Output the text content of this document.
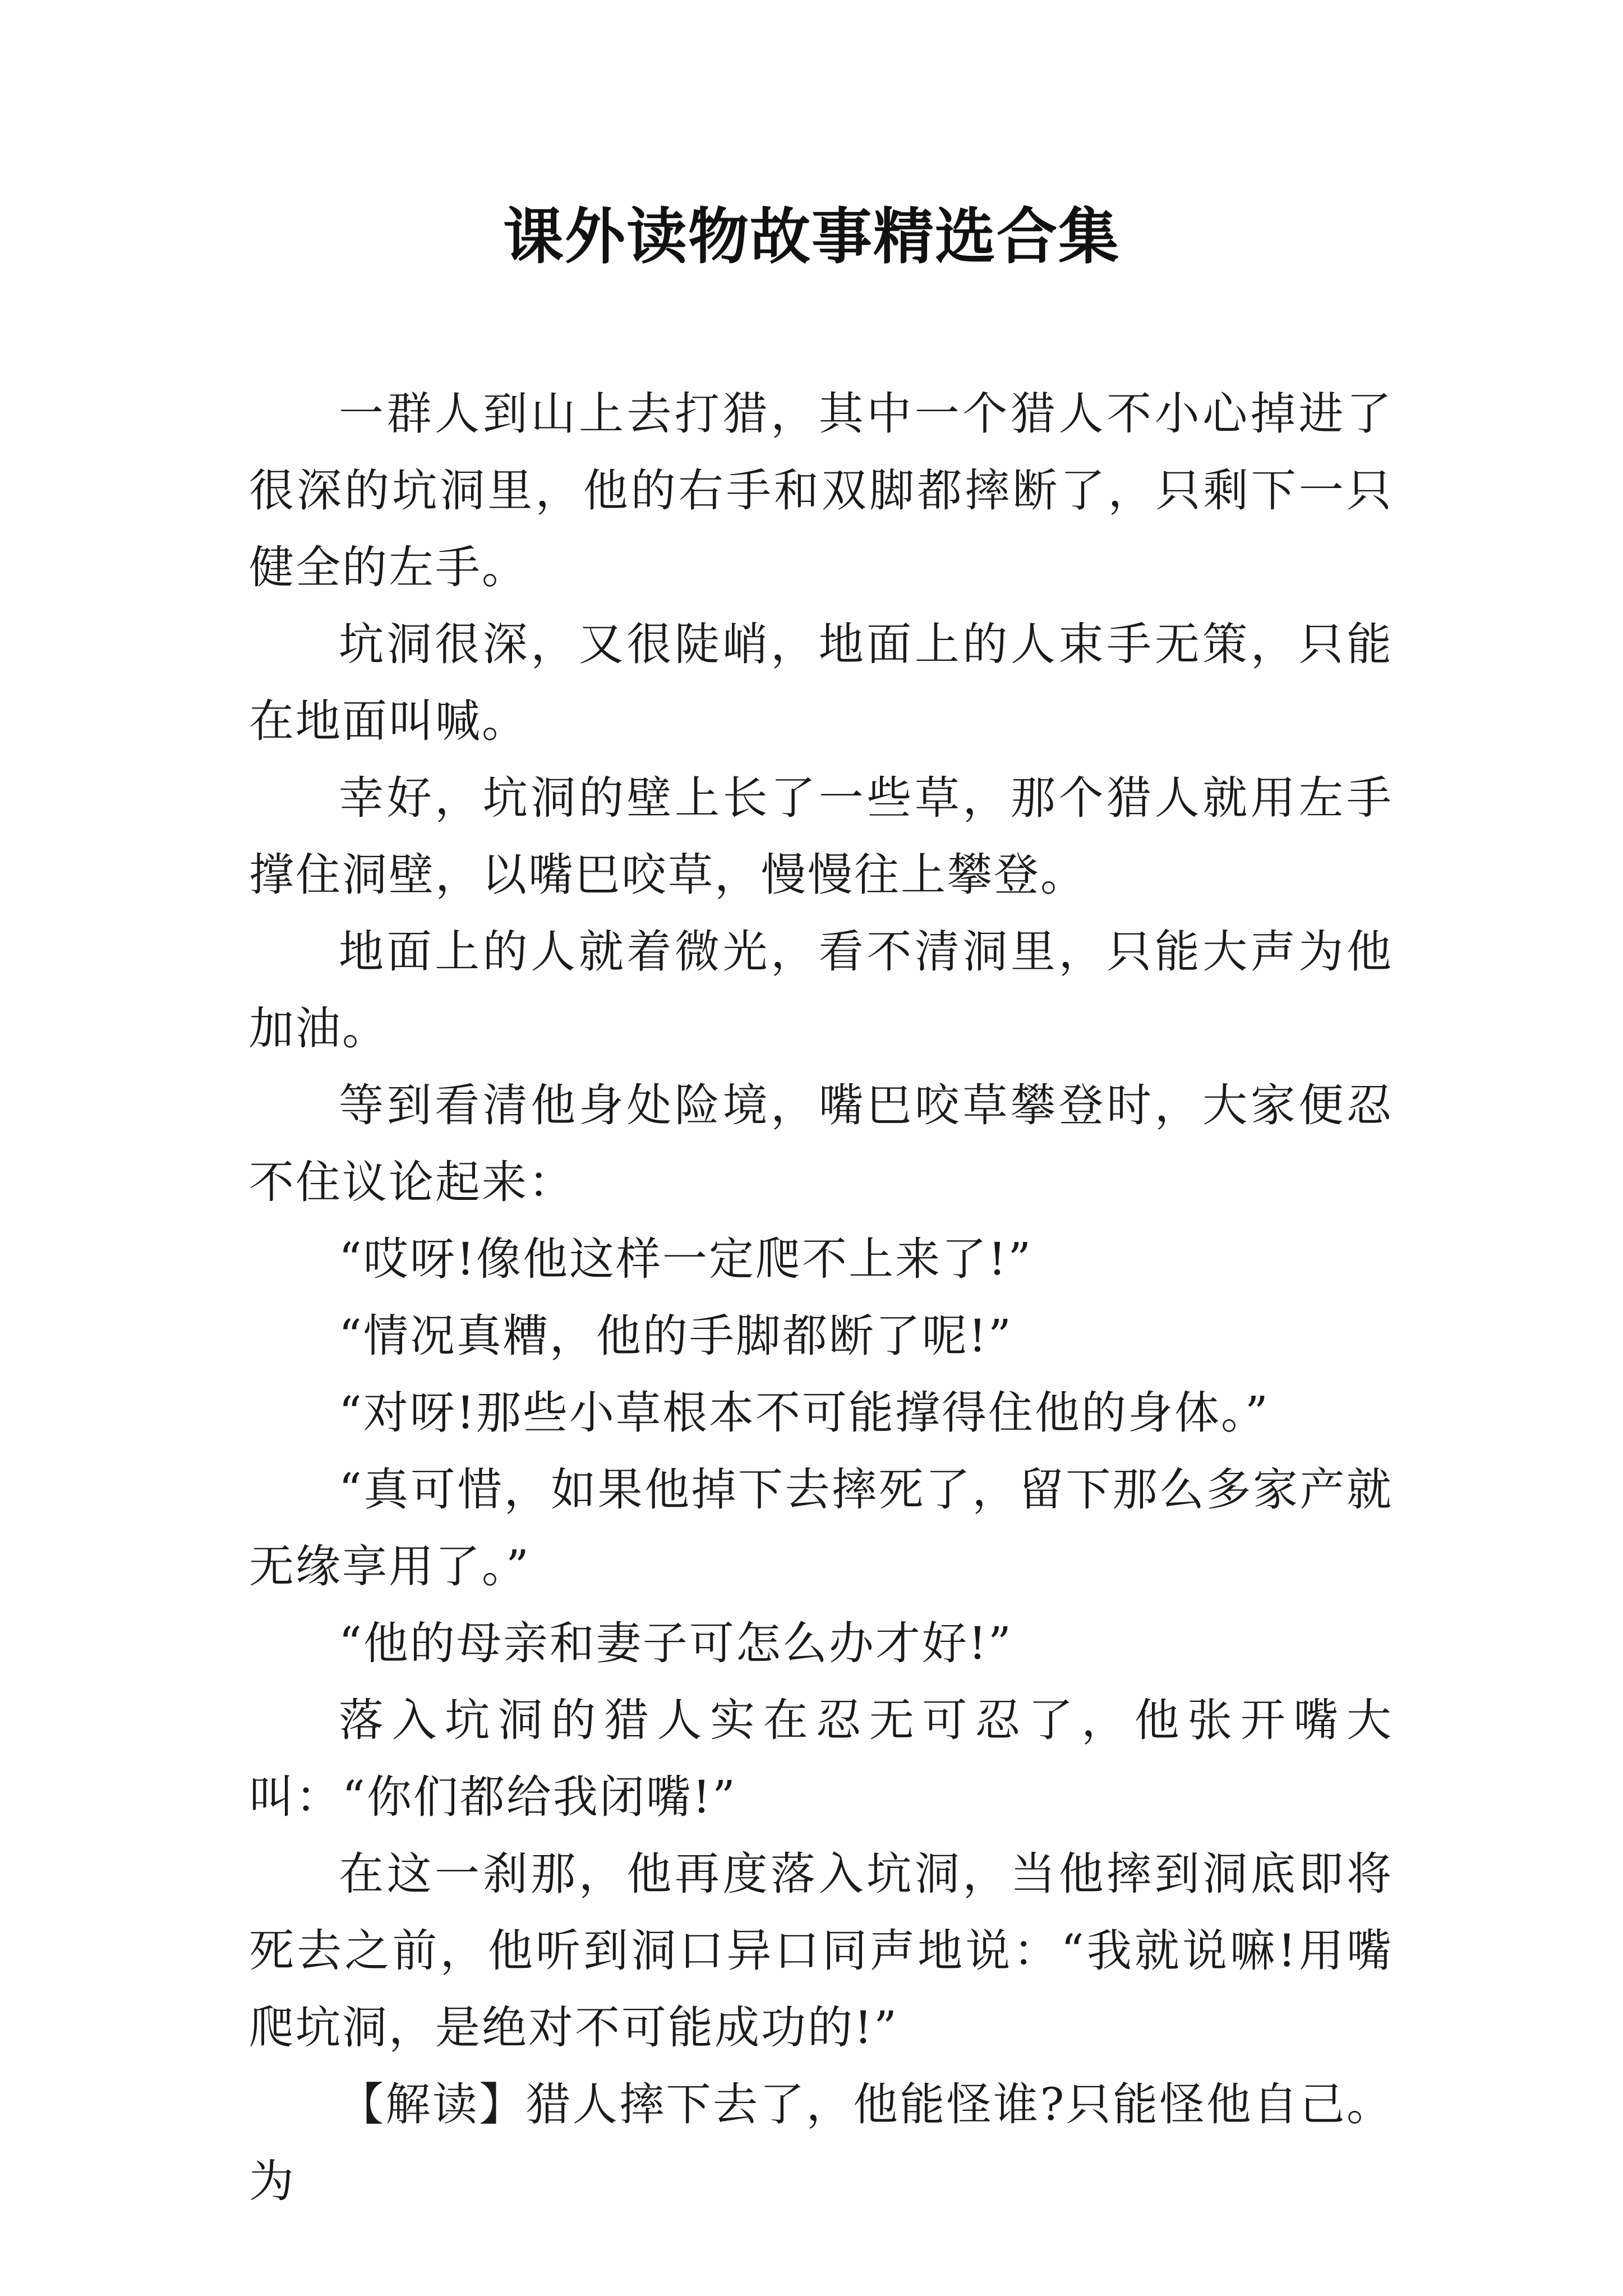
课外读物故事精选合集

一群人到山上去打猎，其中一个猎人不小心掉进了很深的坑洞里，他的右手和双脚都摔断了，只剩下一只健全的左手。

坑洞很深，又很陡峭，地面上的人束手无策，只能在地面叫喊。

幸好，坑洞的壁上长了一些草，那个猎人就用左手撑住洞壁，以嘴巴咬草，慢慢往上攀登。

地面上的人就着微光，看不清洞里，只能大声为他加油。

等到看清他身处险境，嘴巴咬草攀登时，大家便忍不住议论起来：

“哎呀!像他这样一定爬不上来了!”

“情况真糟，他的手脚都断了呢!”

“对呀!那些小草根本不可能撑得住他的身体。”

“真可惜，如果他掉下去摔死了，留下那么多家产就无缘享用了。”

“他的母亲和妻子可怎么办才好!”

落入坑洞的猎人实在忍无可忍了，他张开嘴大叫：“你们都给我闭嘴!”

在这一刹那，他再度落入坑洞，当他摔到洞底即将死去之前，他听到洞口异口同声地说：“我就说嘛!用嘴爬坑洞，是绝对不可能成功的!”

【解读】猎人摔下去了，他能怪谁?只能怪他自己。为
